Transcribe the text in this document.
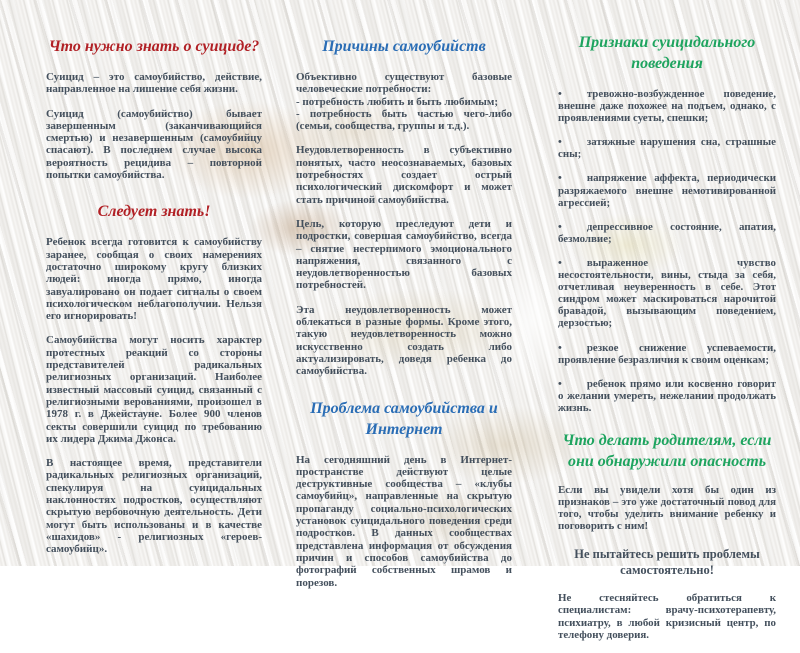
Что нужно знать о суициде?

Суицид – это самоубийство, действие, направленное на лишение себя жизни.

Суицид (самоубийство) бывает завершенным (заканчивающийся смертью) и незавершенным (самоубийцу спасают). В последнем случае высока вероятность рецидива – повторной попытки самоубийства.

Следует знать!

Ребенок всегда готовится к самоубийству заранее, сообщая о своих намерениях достаточно широкому кругу близких людей: иногда прямо, иногда завуалировано он подает сигналы о своем психологическом неблагополучии. Нельзя его игнорировать!

Самоубийства могут носить характер протестных реакций со стороны представителей радикальных религиозных организаций. Наиболее известный массовый суицид, связанный с религиозными верованиями, произошел в 1978 г. в Джейстауне. Более 900 членов секты совершили суицид по требованию их лидера Джима Джонса.

В настоящее время, представители радикальных религиозных организаций, спекулируя на суицидальных наклонностях подростков, осуществляют скрытую вербовочную деятельность. Дети могут быть использованы и в качестве «шахидов» - религиозных «героев-самоубийц».

Причины самоубийств

Объективно существуют базовые человеческие потребности:

- потребность любить и быть любимым;

- потребность быть частью чего-либо (семьи, сообщества, группы и т.д.).

Неудовлетворенность в субъективно понятых, часто неосознаваемых, базовых потребностях создает острый психологический дискомфорт и может стать причиной самоубийства.

Цель, которую преследуют дети и подростки, совершая самоубийство, всегда – снятие нестерпимого эмоционального напряжения, связанного с неудовлетворенностью базовых потребностей.

Эта неудовлетворенность может облекаться в разные формы. Кроме этого, такую неудовлетворенность можно искусственно создать либо актуализировать, доведя ребенка до самоубийства.

Проблема самоубийства и Интернет

На сегодняшний день в Интернет-пространстве действуют целые деструктивные сообщества – «клубы самоубийц», направленные на скрытую пропаганду социально-психологических установок суицидального поведения среди подростков. В данных сообществах представлена информация от обсуждения причин и способов самоубийства до фотографий собственных шрамов и порезов.

Признаки суицидального поведения

• тревожно-возбужденное поведение, внешне даже похожее на подъем, однако, с проявлениями суеты, спешки;

• затяжные нарушения сна, страшные сны;

• напряжение аффекта, периодически разряжаемого внешне немотивированной агрессией;

• депрессивное состояние, апатия, безмолвие;

• выраженное чувство несостоятельности, вины, стыда за себя, отчетливая неуверенность в себе. Этот синдром может маскироваться нарочитой бравадой, вызывающим поведением, дерзостью;

• резкое снижение успеваемости, проявление безразличия к своим оценкам;

• ребенок прямо или косвенно говорит о желании умереть, нежелании продолжать жизнь.

Что делать родителям, если они обнаружили опасность

Если вы увидели хотя бы один из признаков – это уже достаточный повод для того, чтобы уделить внимание ребенку и поговорить с ним!

Не пытайтесь решить проблемы самостоятельно!

Не стесняйтесь обратиться к специалистам: врачу-психотерапевту, психиатру, в любой кризисный центр, по телефону доверия.
